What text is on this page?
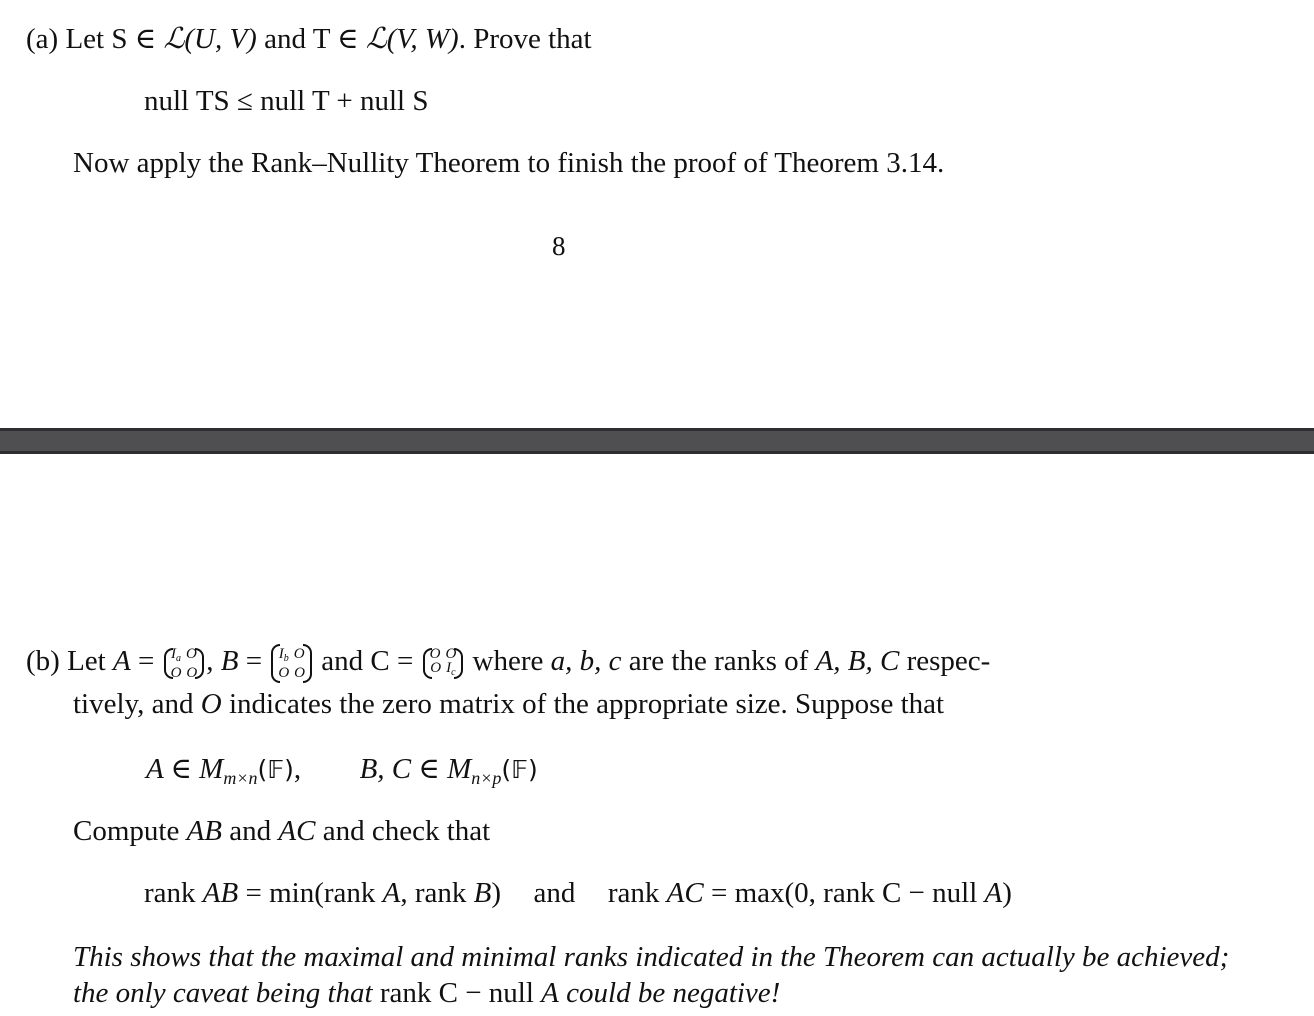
(a) Let S ∈ ℒ(U, V) and T ∈ ℒ(V, W). Prove that
null TS ≤ null T + null S
Now apply the Rank–Nullity Theorem to finish the proof of Theorem 3.14.
8
(b) Let $A = I_a$ O
O O , $B = I_b$ O
O O and C = O O
O $I_c$ where a, b, c are the ranks of A, B, C respec-
tively, and O indicates the zero matrix of the appropriate size. Suppose that
A ∈ $M_{m\times n}(𝔽)$, B, C ∈ $M_{n\times p}(𝔽)$
Compute AB and AC and check that
rank AB = min(rank A, rank B) and rank AC = max(0, rank C − null A)
This shows that the maximal and minimal ranks indicated in the Theorem can actually be achieved;
the only caveat being that rank C − null A could be negative!
